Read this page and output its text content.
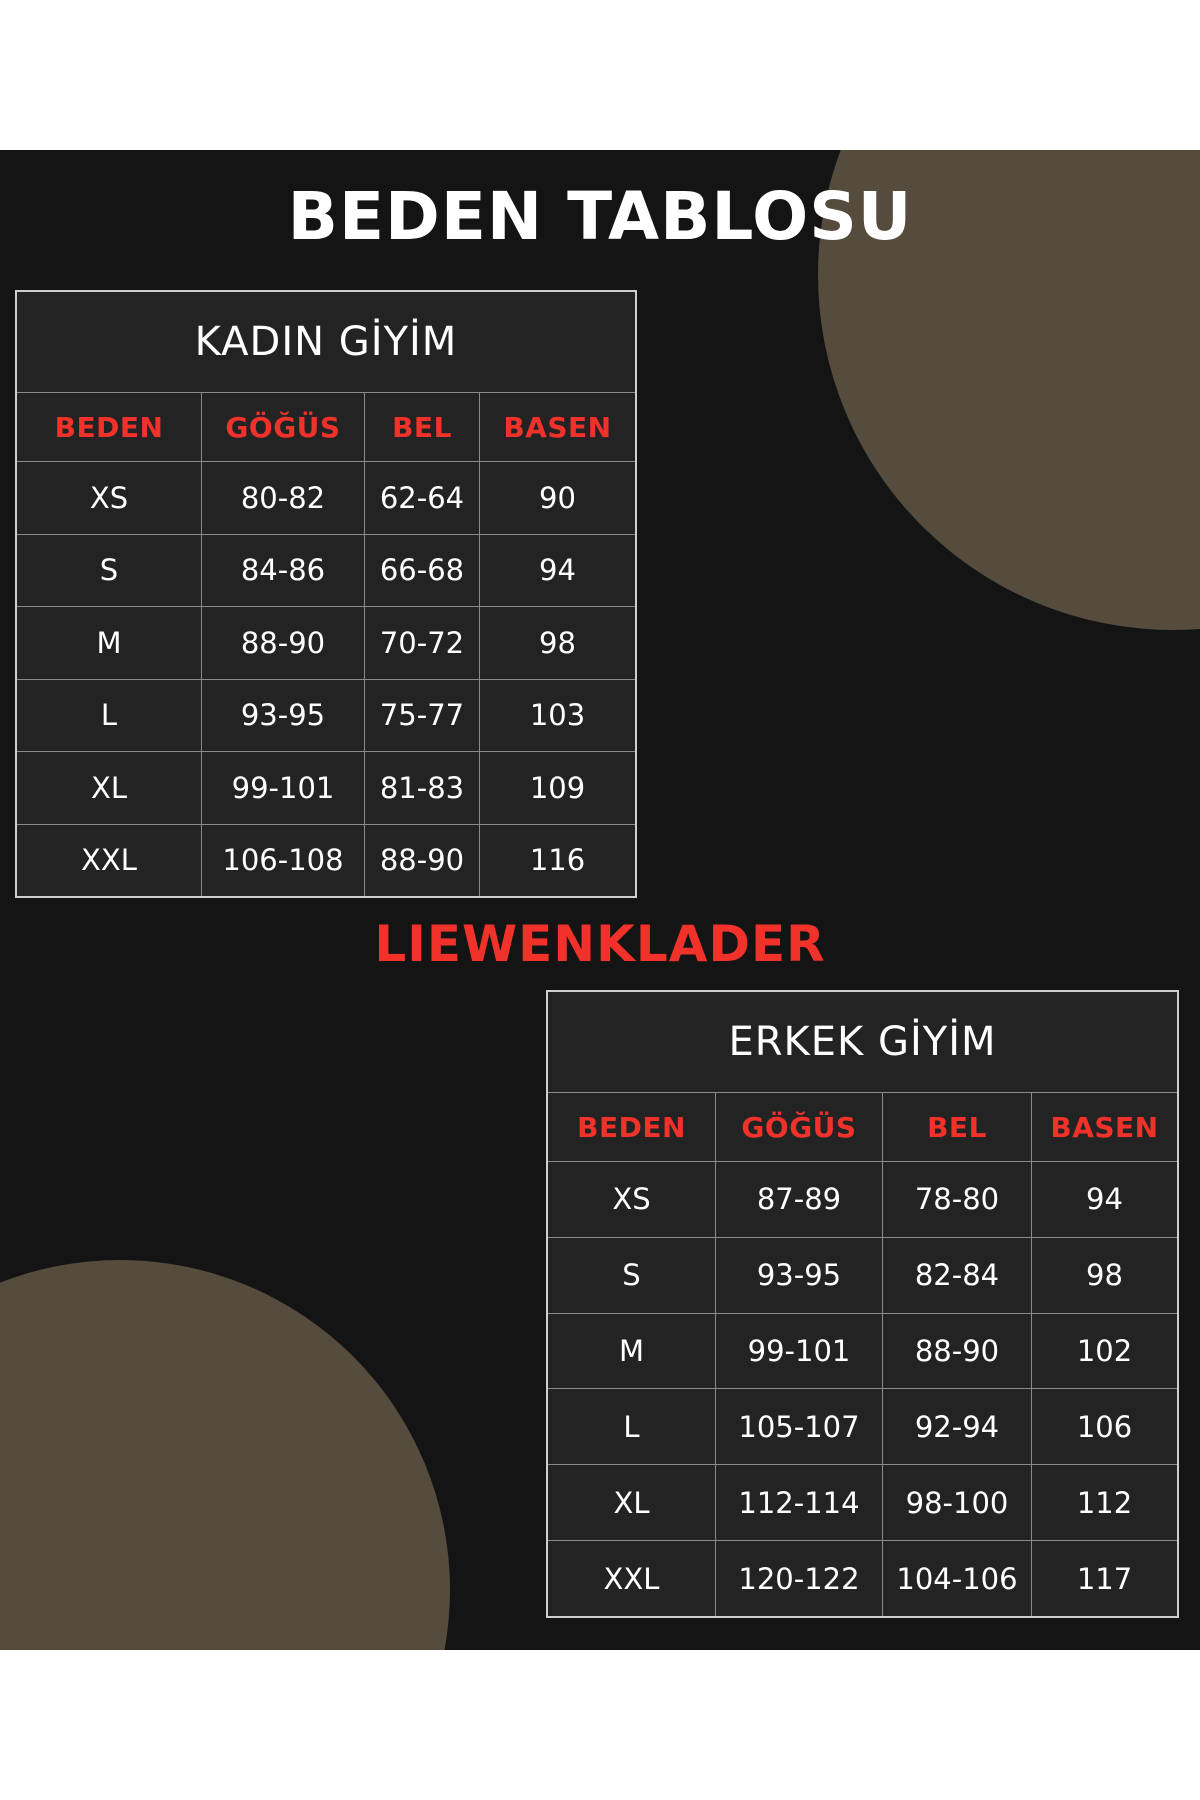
BEDEN TABLOSU
KADIN GİYİM
BEDEN	GÖĞÜS	BEL	BASEN
XS	80-82	62-64	90
S	84-86	66-68	94
M	88-90	70-72	98
L	93-95	75-77	103
XL	99-101	81-83	109
XXL	106-108	88-90	116
LIEWENKLADER
ERKEK GİYİM
BEDEN	GÖĞÜS	BEL	BASEN
XS	87-89	78-80	94
S	93-95	82-84	98
M	99-101	88-90	102
L	105-107	92-94	106
XL	112-114	98-100	112
XXL	120-122	104-106	117
